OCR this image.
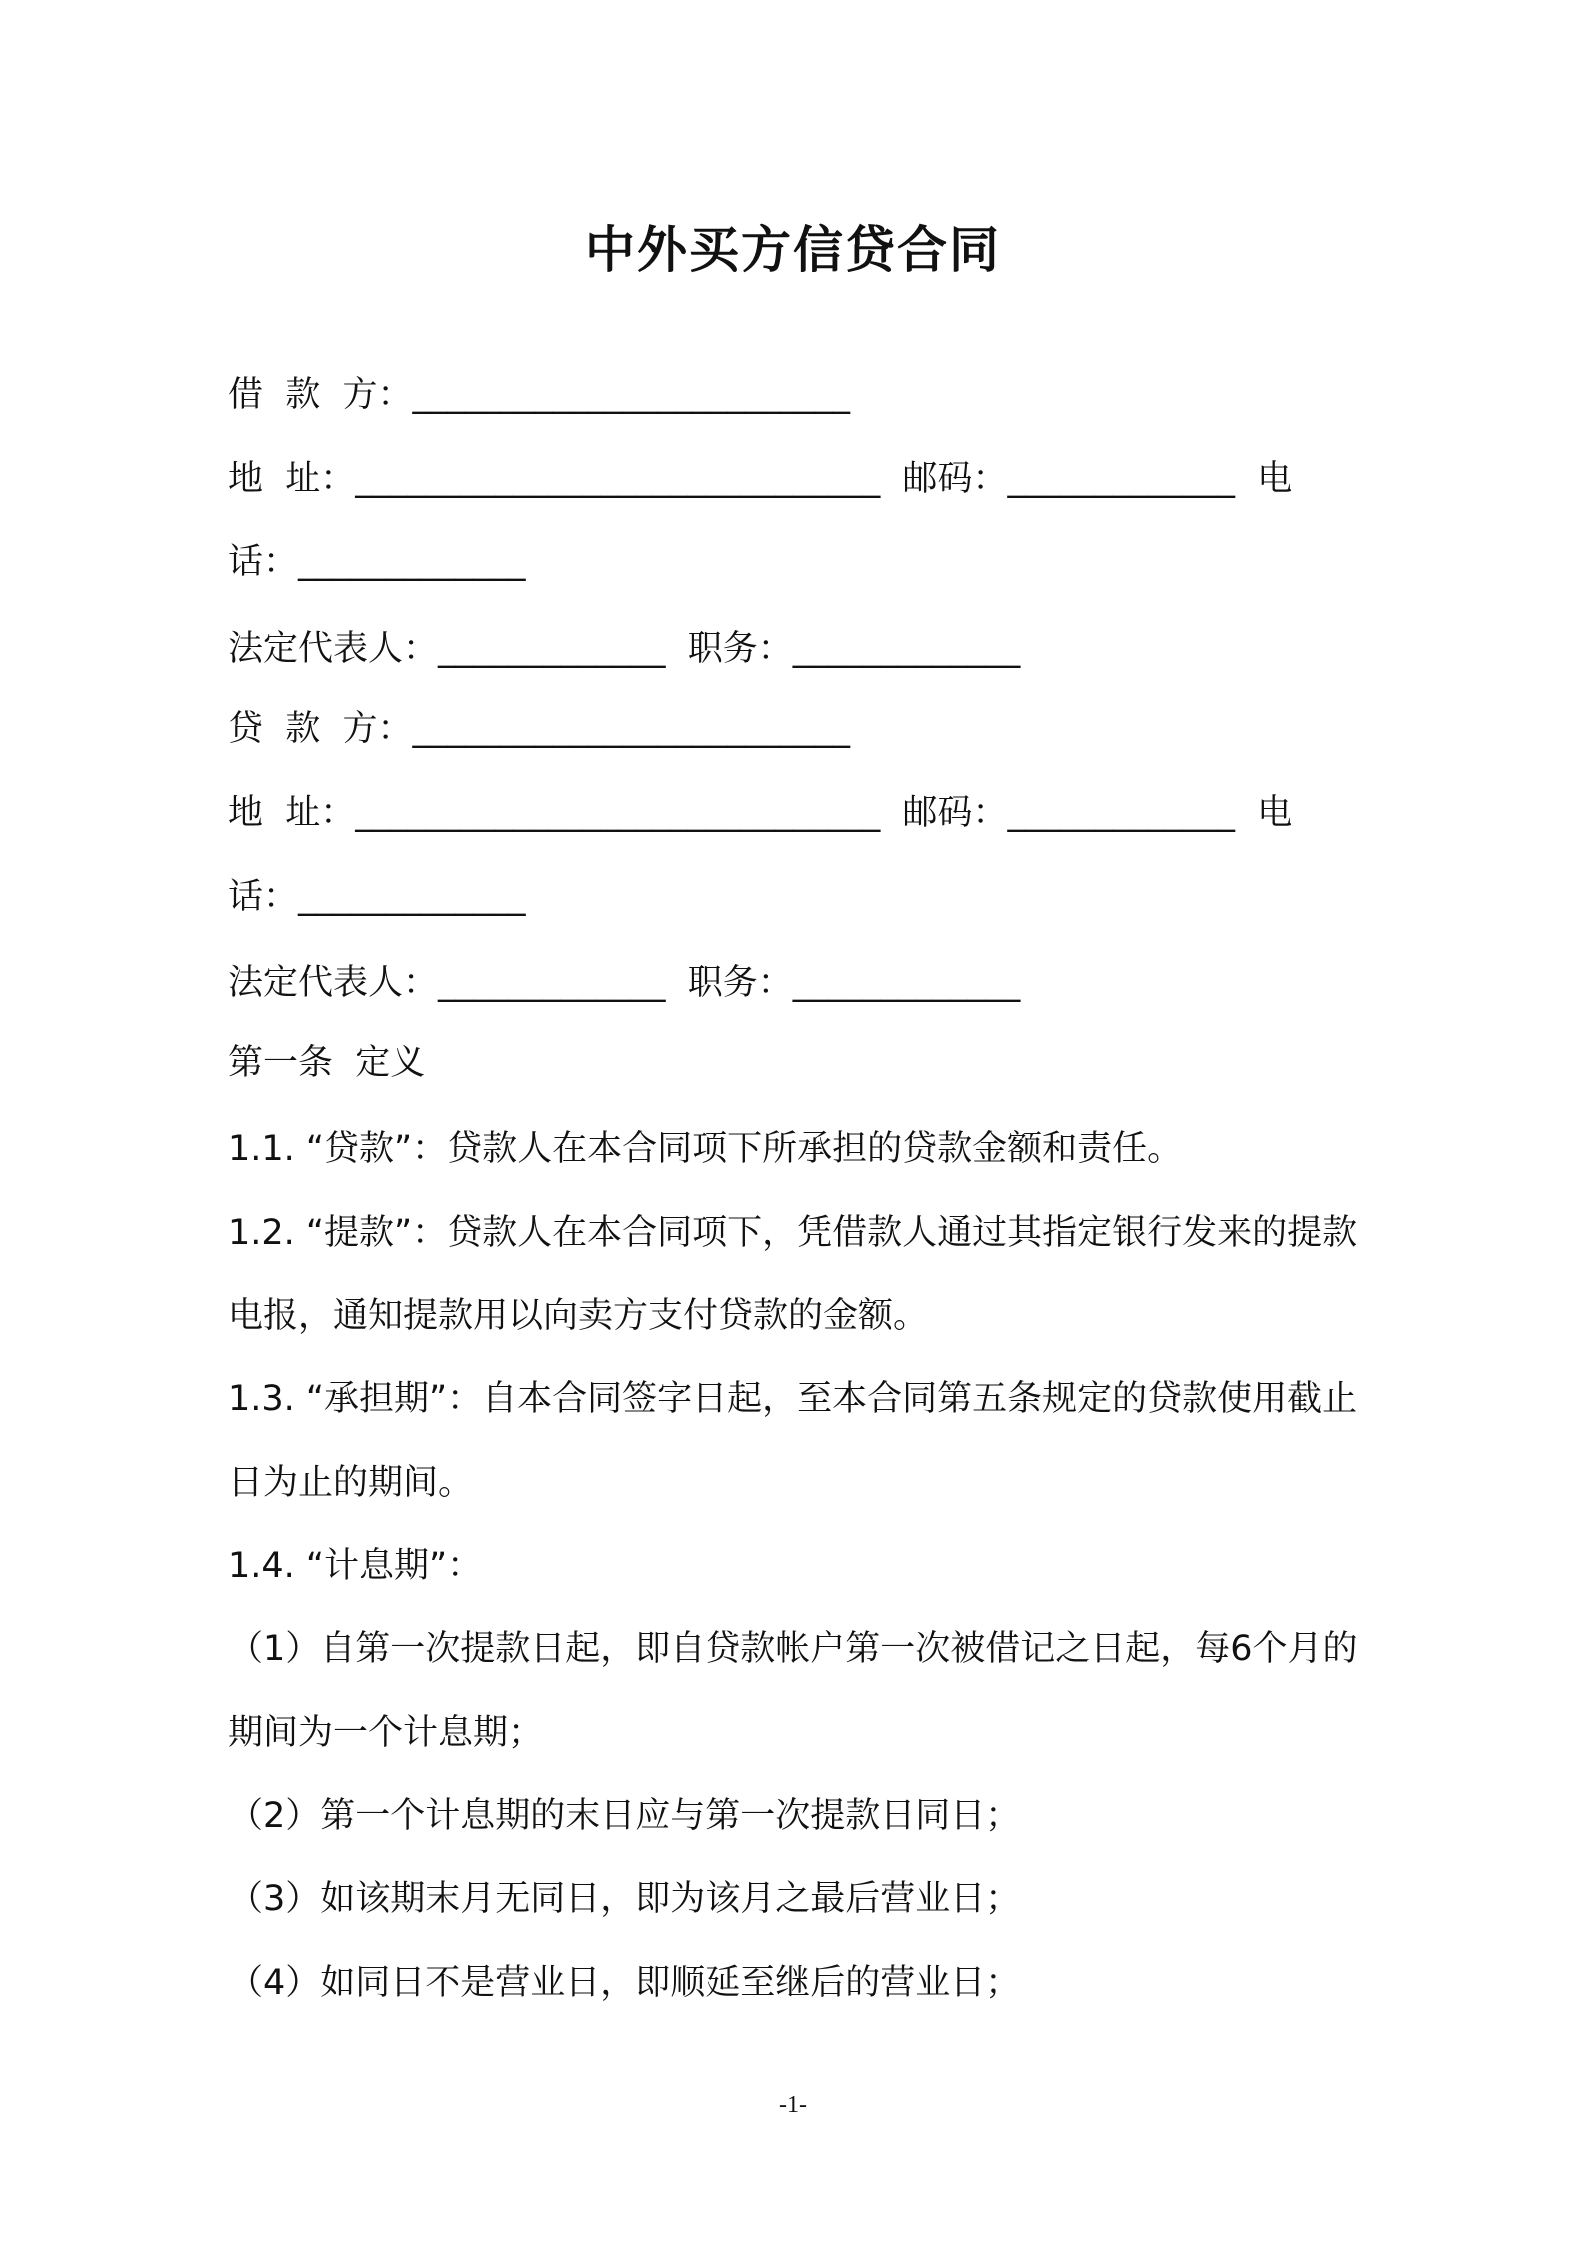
中外买方信贷合同
借  款  方：_________________________
地  址：______________________________  邮码：_____________  电
话：_____________
法定代表人：_____________  职务：_____________
贷  款  方：_________________________
地  址：______________________________  邮码：_____________  电
话：_____________
法定代表人：_____________  职务：_____________
第一条  定义
1.1. “贷款”：贷款人在本合同项下所承担的贷款金额和责任。
1.2. “提款”：贷款人在本合同项下，凭借款人通过其指定银行发来的提款
电报，通知提款用以向卖方支付贷款的金额。
1.3. “承担期”：自本合同签字日起，至本合同第五条规定的贷款使用截止
日为止的期间。
1.4. “计息期”：
（1）自第一次提款日起，即自贷款帐户第一次被借记之日起，每6个月的
期间为一个计息期；
（2）第一个计息期的末日应与第一次提款日同日；
（3）如该期末月无同日，即为该月之最后营业日；
（4）如同日不是营业日，即顺延至继后的营业日；
-1-
